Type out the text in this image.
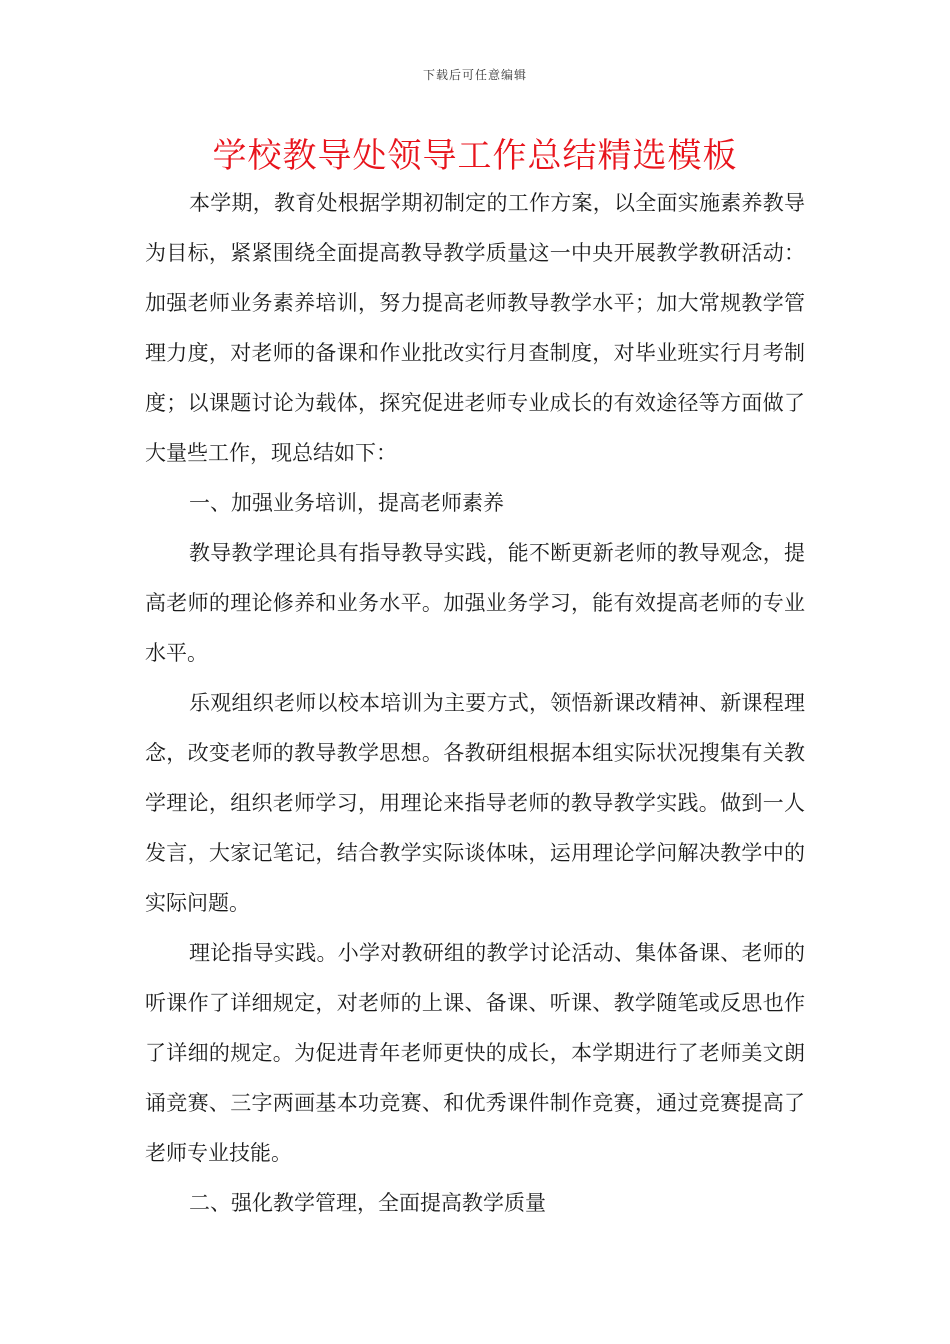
下载后可任意编辑
学校教导处领导工作总结精选模板

本学期，教育处根据学期初制定的工作方案，以全面实施素养教导为目标，紧紧围绕全面提高教导教学质量这一中央开展教学教研活动：加强老师业务素养培训，努力提高老师教导教学水平；加大常规教学管理力度，对老师的备课和作业批改实行月查制度，对毕业班实行月考制度；以课题讨论为载体，探究促进老师专业成长的有效途径等方面做了大量些工作，现总结如下：

一、加强业务培训，提高老师素养

教导教学理论具有指导教导实践，能不断更新老师的教导观念，提高老师的理论修养和业务水平。加强业务学习，能有效提高老师的专业水平。

乐观组织老师以校本培训为主要方式，领悟新课改精神、新课程理念，改变老师的教导教学思想。各教研组根据本组实际状况搜集有关教学理论，组织老师学习，用理论来指导老师的教导教学实践。做到一人发言，大家记笔记，结合教学实际谈体味，运用理论学问解决教学中的实际问题。

理论指导实践。小学对教研组的教学讨论活动、集体备课、老师的听课作了详细规定，对老师的上课、备课、听课、教学随笔或反思也作了详细的规定。为促进青年老师更快的成长，本学期进行了老师美文朗诵竞赛、三字两画基本功竞赛、和优秀课件制作竞赛，通过竞赛提高了老师专业技能。

二、强化教学管理，全面提高教学质量
